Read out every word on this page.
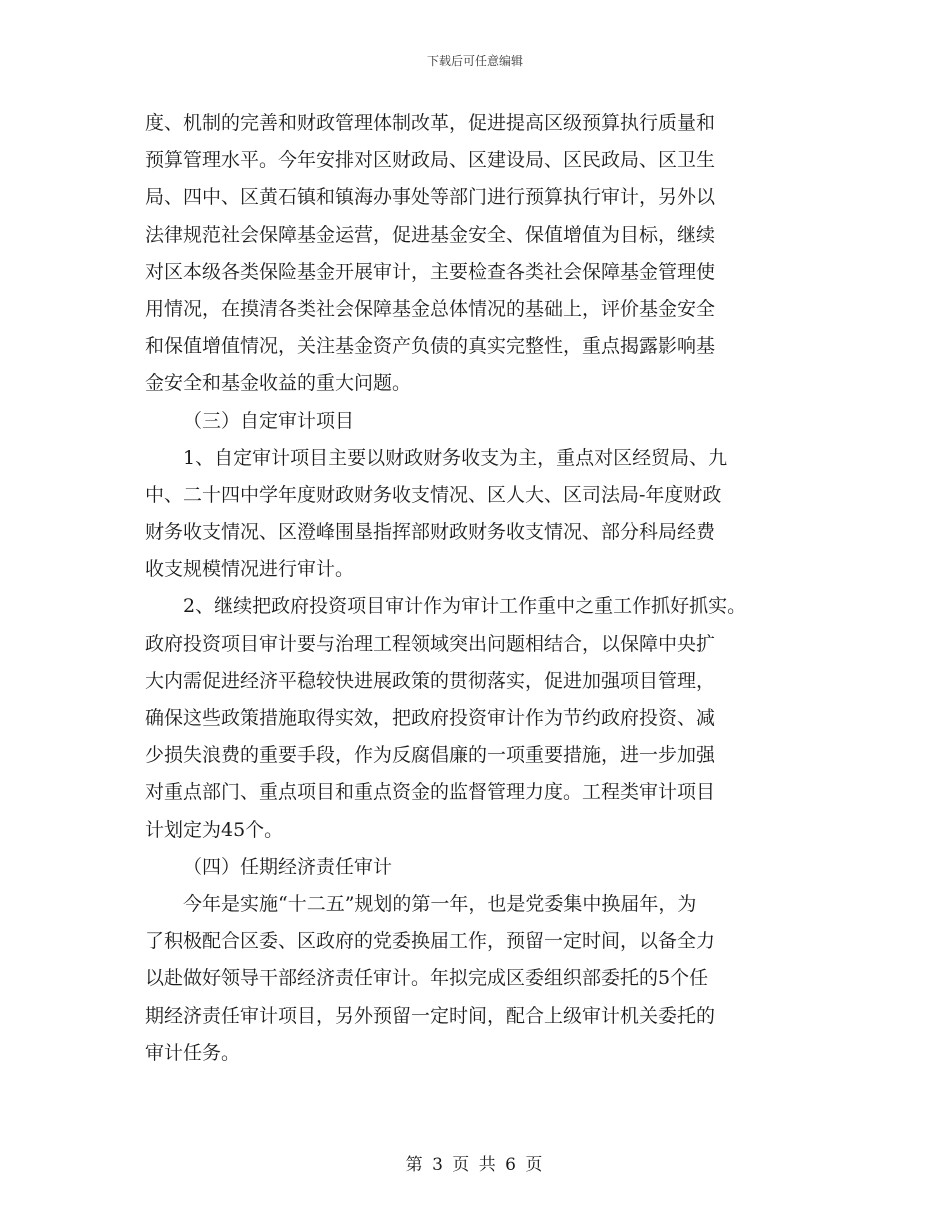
下载后可任意编辑
度、机制的完善和财政管理体制改革，促进提高区级预算执行质量和
预算管理水平。今年安排对区财政局、区建设局、区民政局、区卫生
局、四中、区黄石镇和镇海办事处等部门进行预算执行审计，另外以
法律规范社会保障基金运营，促进基金安全、保值增值为目标，继续
对区本级各类保险基金开展审计，主要检查各类社会保障基金管理使
用情况，在摸清各类社会保障基金总体情况的基础上，评价基金安全
和保值增值情况，关注基金资产负债的真实完整性，重点揭露影响基
金安全和基金收益的重大问题。
（三）自定审计项目
1、自定审计项目主要以财政财务收支为主，重点对区经贸局、九
中、二十四中学年度财政财务收支情况、区人大、区司法局-年度财政
财务收支情况、区澄峰围垦指挥部财政财务收支情况、部分科局经费
收支规模情况进行审计。
2、继续把政府投资项目审计作为审计工作重中之重工作抓好抓实。
政府投资项目审计要与治理工程领域突出问题相结合，以保障中央扩
大内需促进经济平稳较快进展政策的贯彻落实，促进加强项目管理，
确保这些政策措施取得实效，把政府投资审计作为节约政府投资、减
少损失浪费的重要手段，作为反腐倡廉的一项重要措施，进一步加强
对重点部门、重点项目和重点资金的监督管理力度。工程类审计项目
计划定为45个。
（四）任期经济责任审计
今年是实施“十二五”规划的第一年，也是党委集中换届年，为
了积极配合区委、区政府的党委换届工作，预留一定时间，以备全力
以赴做好领导干部经济责任审计。年拟完成区委组织部委托的5个任
期经济责任审计项目，另外预留一定时间，配合上级审计机关委托的
审计任务。
第 3 页 共 6 页
